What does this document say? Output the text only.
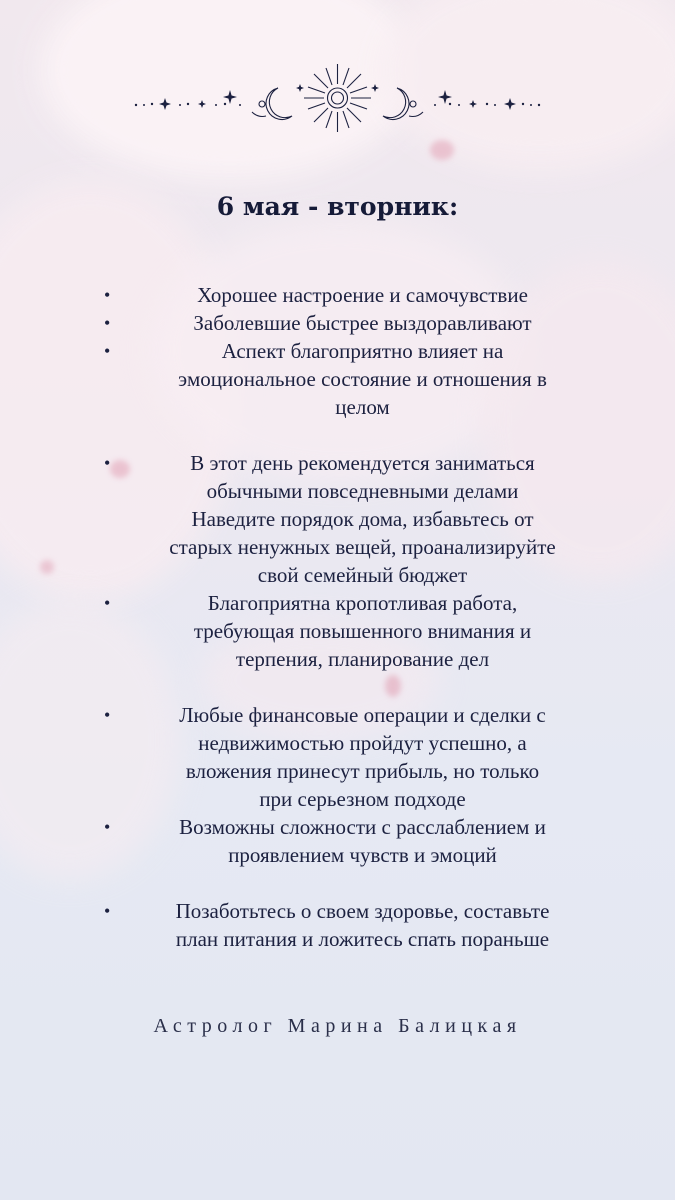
6 мая - вторник:
•	Хорошее настроение и самочувствие
•	Заболевшие быстрее выздоравливают
•	Аспект благоприятно влияет на
эмоциональное состояние и отношения в
целом
•	В этот день рекомендуется заниматься
обычными повседневными делами
Наведите порядок дома, избавьтесь от
старых ненужных вещей, проанализируйте
свой семейный бюджет
•	Благоприятна кропотливая работа,
требующая повышенного внимания и
терпения, планирование дел
•	Любые финансовые операции и сделки с
недвижимостью пройдут успешно, а
вложения принесут прибыль, но только
при серьезном подходе
•	Возможны сложности с расслаблением и
проявлением чувств и эмоций
•	Позаботьтесь о своем здоровье, составьте
план питания и ложитесь спать пораньше
Астролог Марина Балицкая
